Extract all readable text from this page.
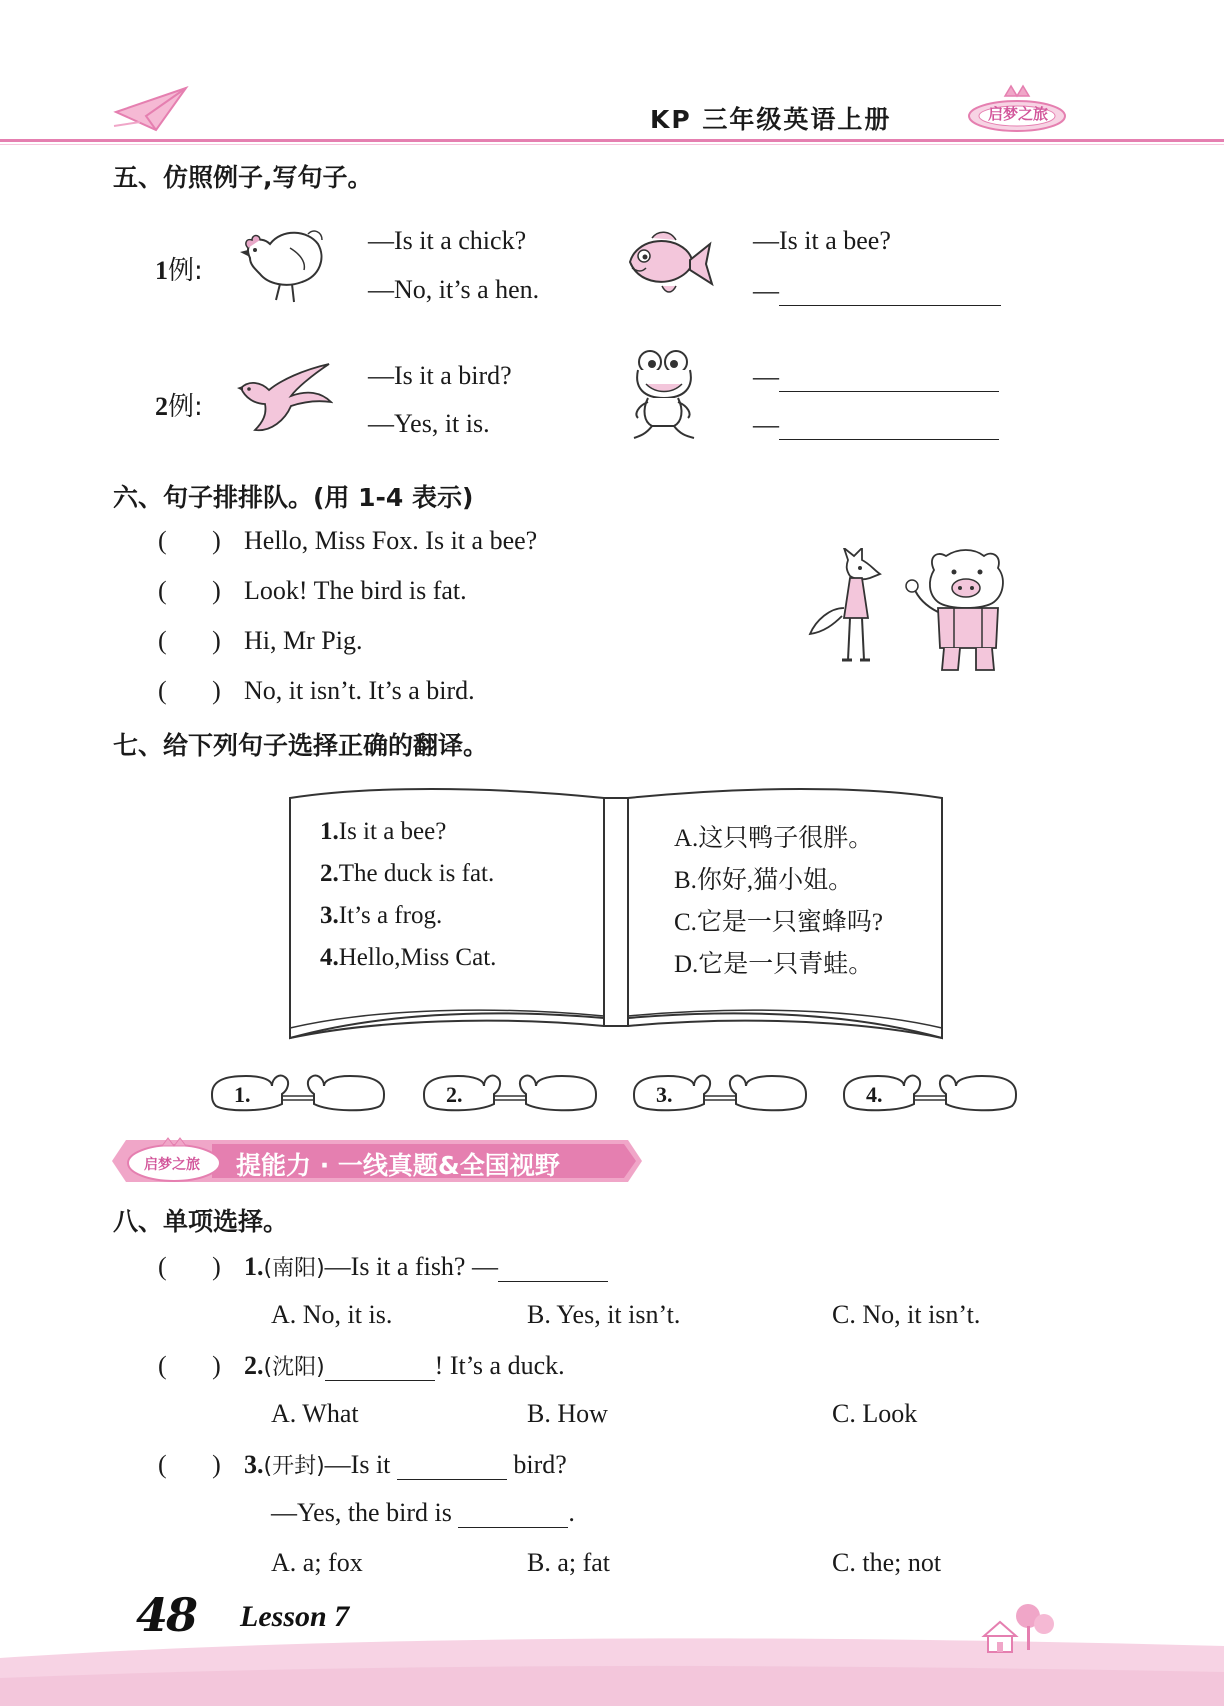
KP 三年级英语上册	启梦之旅
五、仿照例子,写句子。
1例:
—Is it a chick?
—No, it’s a hen.
—Is it a bee?
—
2例:
—Is it a bird?
—Yes, it is.
—
—
六、句子排排队。(用 1-4 表示)
(       ) Hello, Miss Fox. Is it a bee?
(       ) Look! The bird is fat.
(       ) Hi, Mr Pig.
(       ) No, it isn’t. It’s a bird.
七、给下列句子选择正确的翻译。
1.Is it a bee?
2.The duck is fat.
3.It’s a frog.
4.Hello,Miss Cat.
A.这只鸭子很胖。
B.你好,猫小姐。
C.它是一只蜜蜂吗?
D.它是一只青蛙。
1.	2.	3.	4.
启梦之旅 提能力 · 一线真题&全国视野
八、单项选择。
(       ) 1.(南阳)—Is it a fish? —
A. No, it is.	B. Yes, it isn’t.	C. No, it isn’t.
(       ) 2.(沈阳)	! It’s a duck.
A. What	B. How	C. Look
(       ) 3.(开封)—Is it	bird?
—Yes, the bird is	.
A. a; fox	B. a; fat	C. the; not
48 Lesson 7
